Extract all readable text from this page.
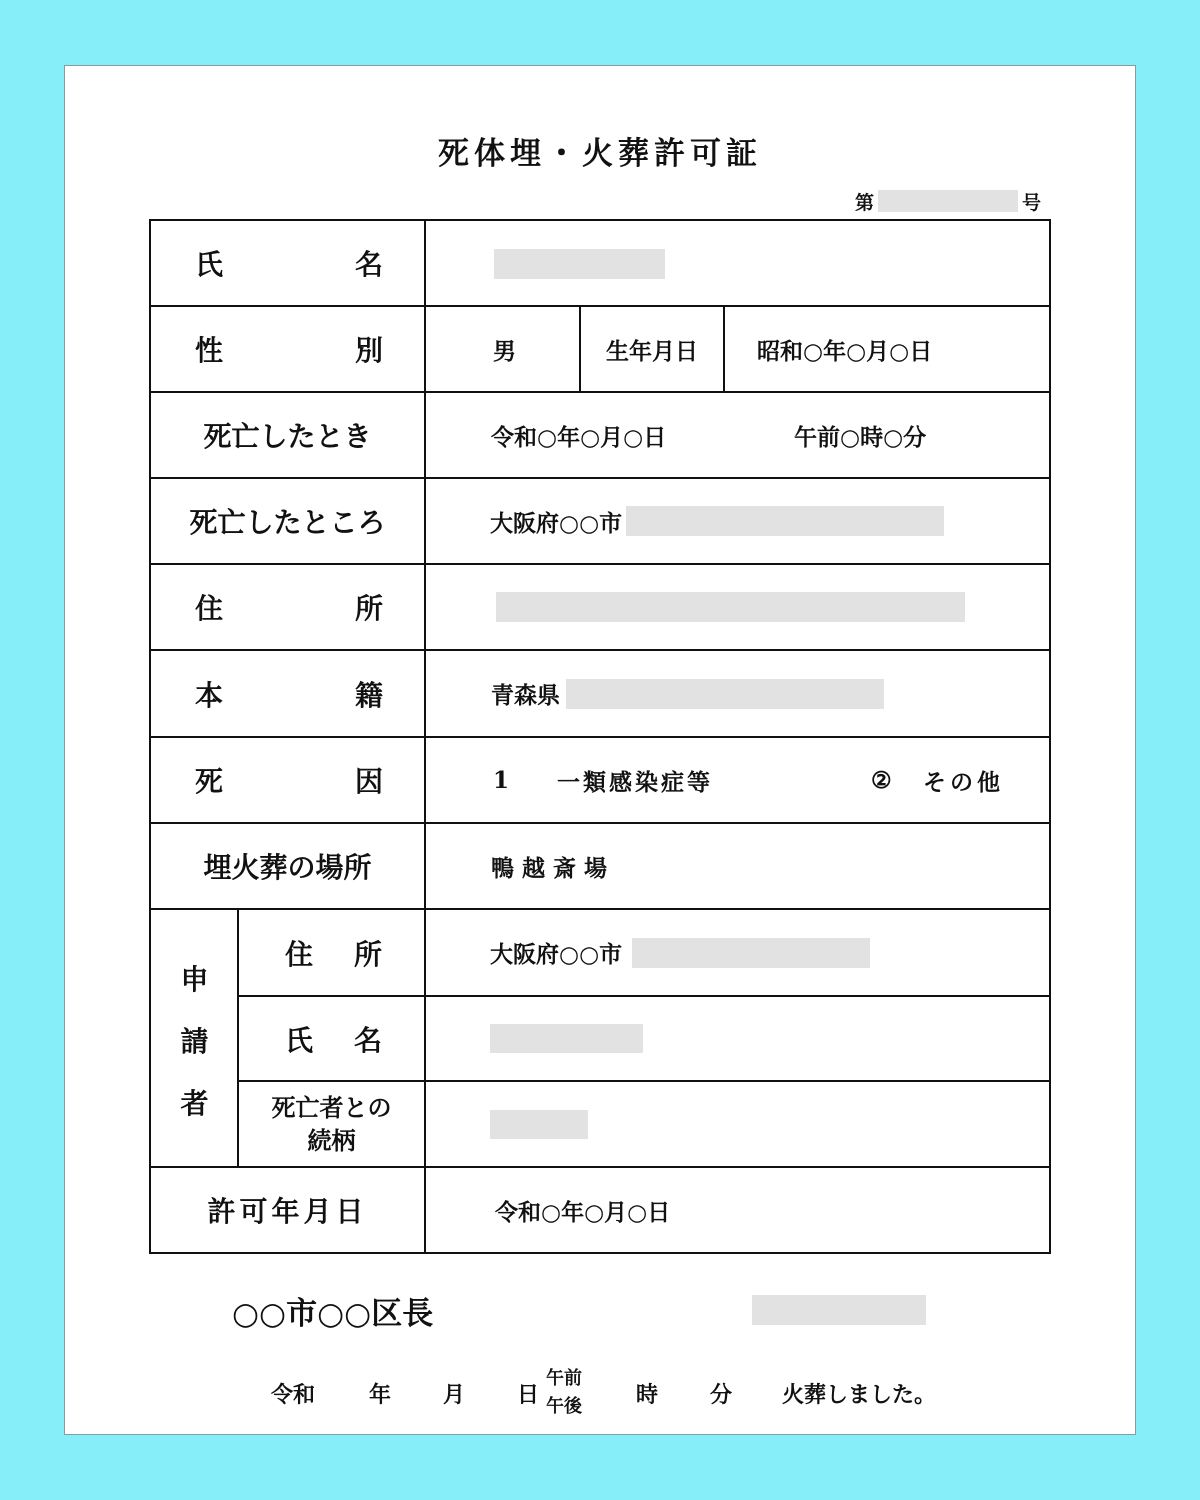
死体埋・火葬許可証
第	号
氏	名
性	別	男	生年月日	昭和○年○月○日
死亡したとき	令和○年○月○日	午前○時○分
死亡したところ	大阪府○○市
住	所
本	籍	青森県
死	因	1 一類感染症等	② その他
埋火葬の場所	鴨 越 斎 場
申
請
者
住 所	大阪府○○市
氏 名
死亡者との
続柄
許可年月日	令和○年○月○日
○○市○○区長
令和 年 月 日
午前
午後 時 分 火葬しました。
